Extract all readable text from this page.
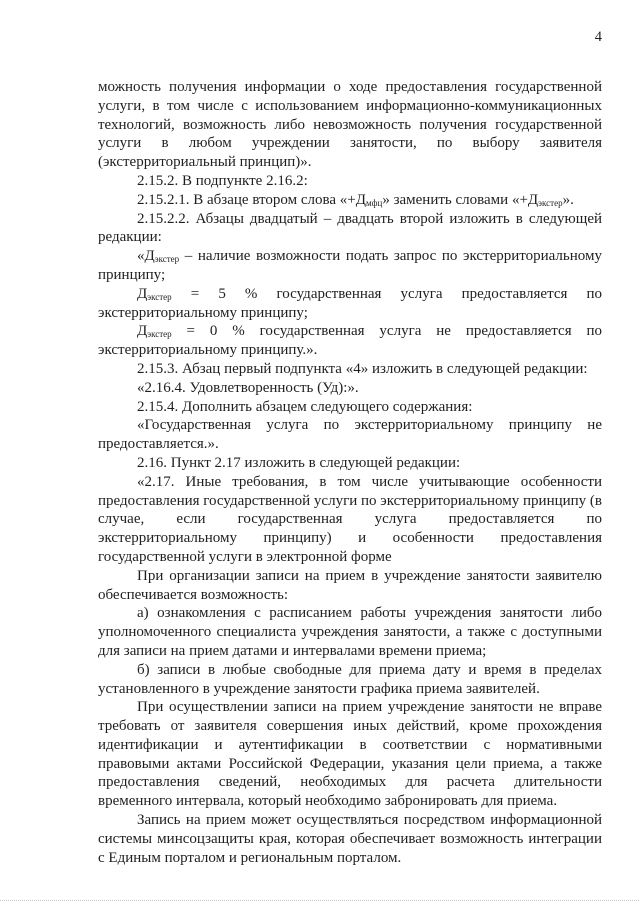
4

можность получения информации о ходе предоставления государственной услуги, в том числе с использованием информационно-коммуникационных технологий, возможность либо невозможность получения государственной услуги в любом учреждении занятости, по выбору заявителя (экстерриториальный принцип)».

2.15.2. В подпункте 2.16.2:

2.15.2.1. В абзаце втором слова «$+Д_{мфц}$» заменить словами «$+Д_{экстер}$».

2.15.2.2. Абзацы двадцатый – двадцать второй изложить в следующей редакции:

«$Д_{экстер}$ – наличие возможности подать запрос по экстерриториальному принципу;

$Д_{экстер} = 5$ % государственная услуга предоставляется по экстерриториальному принципу;

$Д_{экстер} = 0$ % государственная услуга не предоставляется по экстерриториальному принципу.».

2.15.3. Абзац первый подпункта «4» изложить в следующей редакции:

«2.16.4. Удовлетворенность (Уд):».

2.15.4. Дополнить абзацем следующего содержания:

«Государственная услуга по экстерриториальному принципу не предоставляется.».

2.16. Пункт 2.17 изложить в следующей редакции:

«2.17. Иные требования, в том числе учитывающие особенности предоставления государственной услуги по экстерриториальному принципу (в случае, если государственная услуга предоставляется по экстерриториальному принципу) и особенности предоставления государственной услуги в электронной форме

При организации записи на прием в учреждение занятости заявителю обеспечивается возможность:

а) ознакомления с расписанием работы учреждения занятости либо уполномоченного специалиста учреждения занятости, а также с доступными для записи на прием датами и интервалами времени приема;

б) записи в любые свободные для приема дату и время в пределах установленного в учреждение занятости графика приема заявителей.

При осуществлении записи на прием учреждение занятости не вправе требовать от заявителя совершения иных действий, кроме прохождения идентификации и аутентификации в соответствии с нормативными правовыми актами Российской Федерации, указания цели приема, а также предоставления сведений, необходимых для расчета длительности временного интервала, который необходимо забронировать для приема.

Запись на прием может осуществляться посредством информационной системы минсоцзащиты края, которая обеспечивает возможность интеграции с Единым порталом и региональным порталом.
